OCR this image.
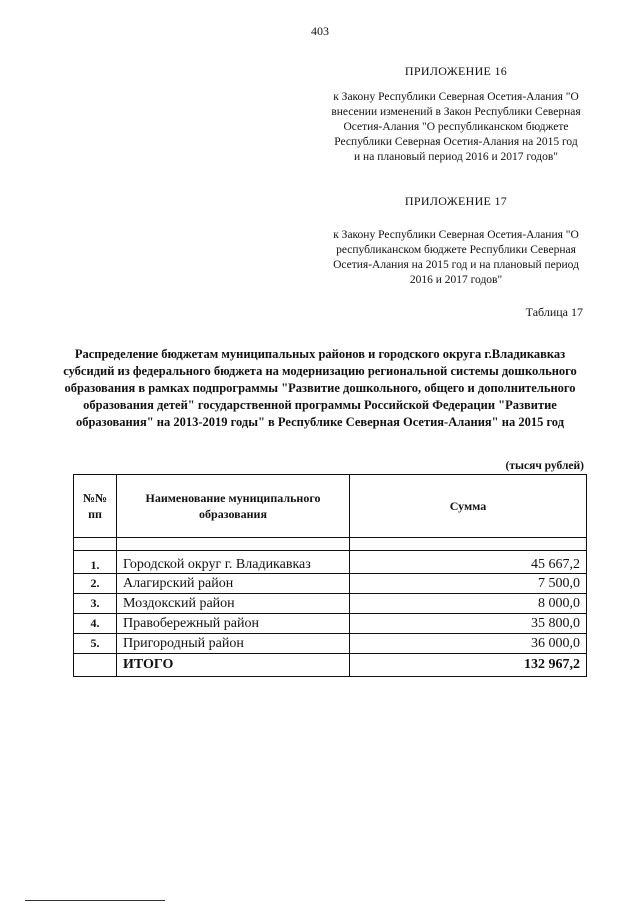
403
ПРИЛОЖЕНИЕ 16
к Закону Республики Северная Осетия-Алания "О внесении изменений в Закон Республики Северная Осетия-Алания "О республиканском бюджете Республики Северная Осетия-Алания на 2015 год и на плановый период 2016 и 2017 годов"
ПРИЛОЖЕНИЕ 17
к Закону Республики Северная Осетия-Алания "О республиканском бюджете Республики Северная Осетия-Алания на 2015 год и на плановый период 2016 и 2017 годов"
Таблица 17
Распределение бюджетам муниципальных районов и городского округа г.Владикавказ субсидий из федерального бюджета на модернизацию региональной системы дошкольного образования в рамках подпрограммы "Развитие дошкольного, общего и дополнительного образования детей" государственной программы Российской Федерации "Развитие образования" на 2013-2019 годы" в Республике Северная Осетия-Алания" на 2015 год
(тысяч рублей)
№№ пп	Наименование муниципального образования	Сумма

1.	Городской округ г. Владикавказ	45 667,2
2.	Алагирский район	7 500,0
3.	Моздокский район	8 000,0
4.	Правобережный район	35 800,0
5.	Пригородный район	36 000,0
	ИТОГО	132 967,2
